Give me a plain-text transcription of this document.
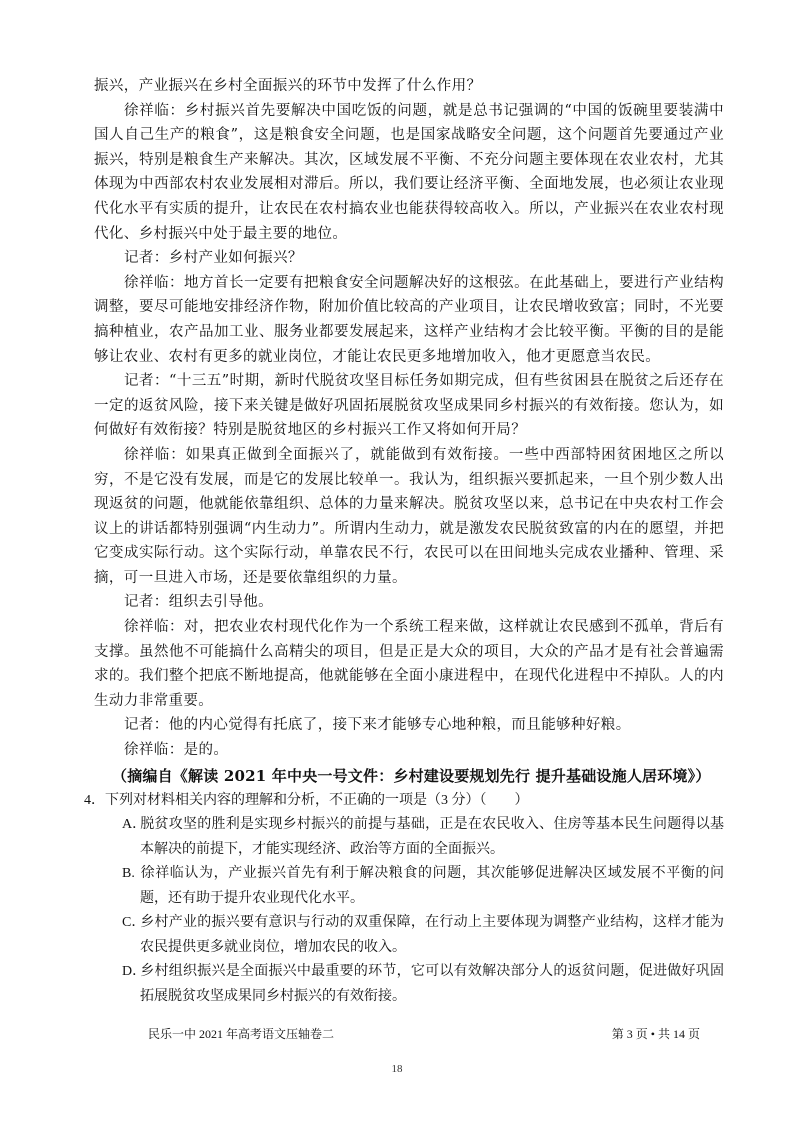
振兴，产业振兴在乡村全面振兴的环节中发挥了什么作用？

徐祥临：乡村振兴首先要解决中国吃饭的问题，就是总书记强调的“中国的饭碗里要装满中国人自己生产的粮食”，这是粮食安全问题，也是国家战略安全问题，这个问题首先要通过产业振兴，特别是粮食生产来解决。其次，区域发展不平衡、不充分问题主要体现在农业农村，尤其体现为中西部农村农业发展相对滞后。所以，我们要让经济平衡、全面地发展，也必须让农业现代化水平有实质的提升，让农民在农村搞农业也能获得较高收入。所以，产业振兴在农业农村现代化、乡村振兴中处于最主要的地位。

记者：乡村产业如何振兴？

徐祥临：地方首长一定要有把粮食安全问题解决好的这根弦。在此基础上，要进行产业结构调整，要尽可能地安排经济作物，附加价值比较高的产业项目，让农民增收致富；同时，不光要搞种植业，农产品加工业、服务业都要发展起来，这样产业结构才会比较平衡。平衡的目的是能够让农业、农村有更多的就业岗位，才能让农民更多地增加收入，他才更愿意当农民。

记者：“十三五”时期，新时代脱贫攻坚目标任务如期完成，但有些贫困县在脱贫之后还存在一定的返贫风险，接下来关键是做好巩固拓展脱贫攻坚成果同乡村振兴的有效衔接。您认为，如何做好有效衔接？特别是脱贫地区的乡村振兴工作又将如何开局？

徐祥临：如果真正做到全面振兴了，就能做到有效衔接。一些中西部特困贫困地区之所以穷，不是它没有发展，而是它的发展比较单一。我认为，组织振兴要抓起来，一旦个别少数人出现返贫的问题，他就能依靠组织、总体的力量来解决。脱贫攻坚以来，总书记在中央农村工作会议上的讲话都特别强调“内生动力”。所谓内生动力，就是激发农民脱贫致富的内在的愿望，并把它变成实际行动。这个实际行动，单靠农民不行，农民可以在田间地头完成农业播种、管理、采摘，可一旦进入市场，还是要依靠组织的力量。

记者：组织去引导他。

徐祥临：对，把农业农村现代化作为一个系统工程来做，这样就让农民感到不孤单，背后有支撑。虽然他不可能搞什么高精尖的项目，但是正是大众的项目，大众的产品才是有社会普遍需求的。我们整个把底不断地提高，他就能够在全面小康进程中，在现代化进程中不掉队。人的内生动力非常重要。

记者：他的内心觉得有托底了，接下来才能够专心地种粮，而且能够种好粮。

徐祥临：是的。

（摘编自《解读 2021 年中央一号文件：乡村建设要规划先行 提升基础设施人居环境》）

4．下列对材料相关内容的理解和分析，不正确的一项是（3 分）（　　）

A．脱贫攻坚的胜利是实现乡村振兴的前提与基础，正是在农民收入、住房等基本民生问题得以基本解决的前提下，才能实现经济、政治等方面的全面振兴。

B. 徐祥临认为，产业振兴首先有利于解决粮食的问题，其次能够促进解决区域发展不平衡的问题，还有助于提升农业现代化水平。

C．乡村产业的振兴要有意识与行动的双重保障，在行动上主要体现为调整产业结构，这样才能为农民提供更多就业岗位，增加农民的收入。

D．乡村组织振兴是全面振兴中最重要的环节，它可以有效解决部分人的返贫问题，促进做好巩固拓展脱贫攻坚成果同乡村振兴的有效衔接。

民乐一中 2021 年高考语文压轴卷二	第 3 页 • 共 14 页
18
